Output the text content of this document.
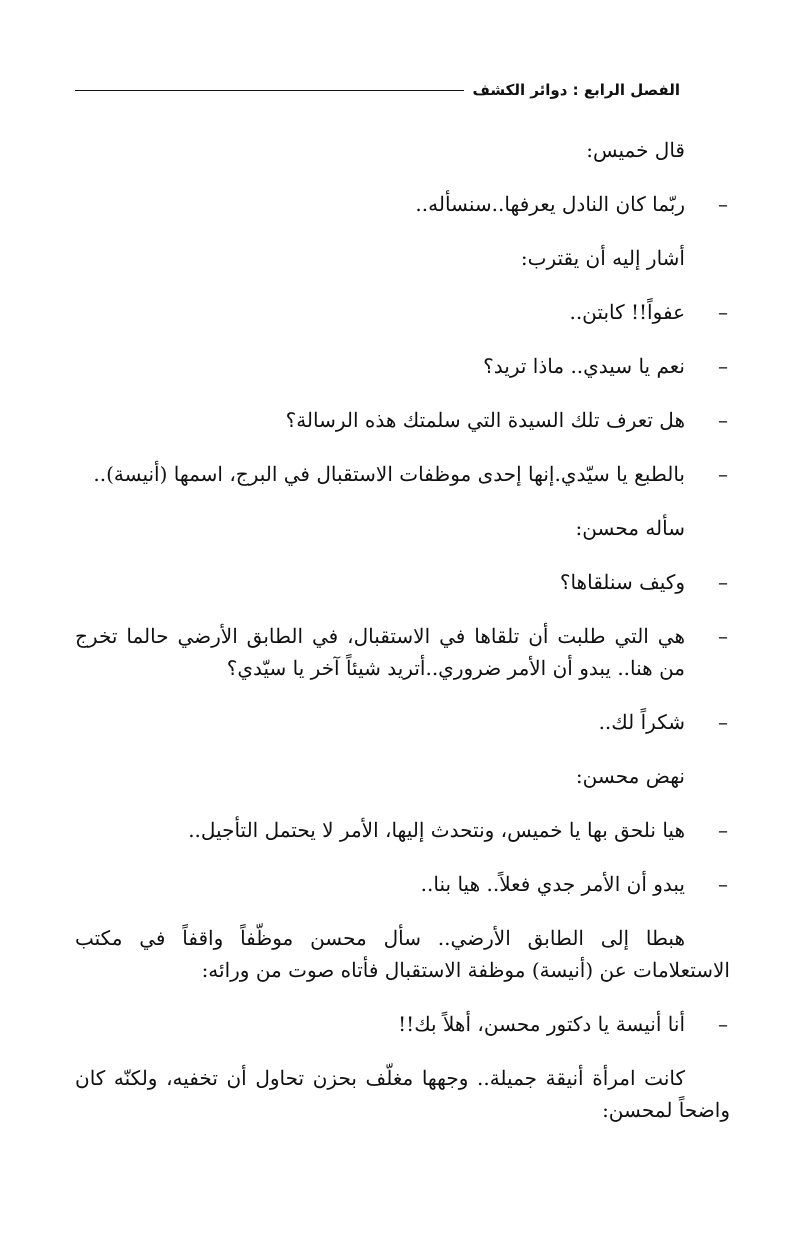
الفصل الرابع : دوائر الكشف

قال خميس:

–
ربّما كان النادل يعرفها..سنسأله..

أشار إليه أن يقترب:

–
عفواً!! كابتن..

–
نعم يا سيدي.. ماذا تريد؟

–
هل تعرف تلك السيدة التي سلمتك هذه الرسالة؟

–
بالطبع يا سيّدي.إنها إحدى موظفات الاستقبال في البرج، اسمها (أنيسة)..

سأله محسن:

–
وكيف سنلقاها؟

–
هي التي طلبت أن تلقاها في الاستقبال، في الطابق الأرضي حالما تخرج من هنا.. يبدو أن الأمر ضروري..أتريد شيئاً آخر يا سيّدي؟

–
شكراً لك..

نهض محسن:

–
هيا نلحق بها يا خميس، ونتحدث إليها، الأمر لا يحتمل التأجيل..

–
يبدو أن الأمر جدي فعلاً.. هيا بنا..

هبطا إلى الطابق الأرضي.. سأل محسن موظّفاً واقفاً في مكتب الاستعلامات عن (أنيسة) موظفة الاستقبال فأتاه صوت من ورائه:

–
أنا أنيسة يا دكتور محسن، أهلاً بك!!

كانت امرأة أنيقة جميلة.. وجهها مغلّف بحزن تحاول أن تخفيه، ولكنّه كان واضحاً لمحسن:
